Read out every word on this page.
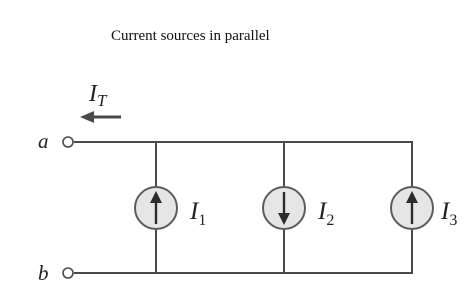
Current sources in parallel
IT
a
b
I1	I2	I3
